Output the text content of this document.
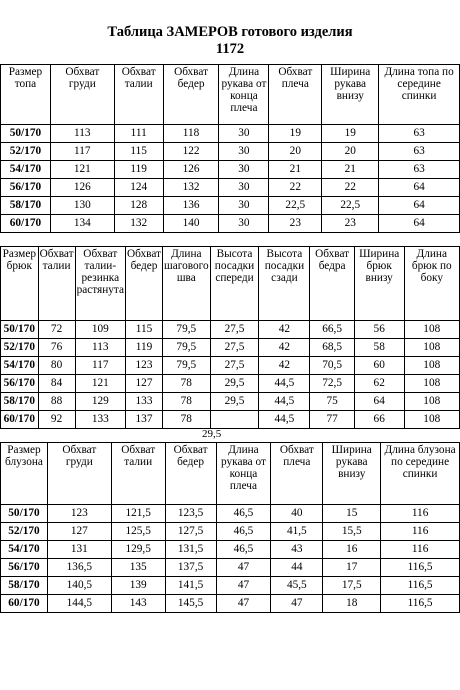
Таблица ЗАМЕРОВ готового изделия
1172
Размер топа	Обхват груди	Обхват талии	Обхват бедер	Длина рукава от конца плеча	Обхват плеча	Ширина рукава внизу	Длина топа по середине спинки
50/170	113	111	118	30	19	19	63
52/170	117	115	122	30	20	20	63
54/170	121	119	126	30	21	21	63
56/170	126	124	132	30	22	22	64
58/170	130	128	136	30	22,5	22,5	64
60/170	134	132	140	30	23	23	64
Размер брюк	Обхват талии	Обхват талии-резинка растянута	Обхват бедер	Длина шагового шва	Высота посадки спереди	Высота посадки сзади	Обхват бедра	Ширина брюк внизу	Длина брюк по боку
50/170	72	109	115	79,5	27,5	42	66,5	56	108
52/170	76	113	119	79,5	27,5	42	68,5	58	108
54/170	80	117	123	79,5	27,5	42	70,5	60	108
56/170	84	121	127	78	29,5	44,5	72,5	62	108
58/170	88	129	133	78	29,5	44,5	75	64	108
60/170	92	133	137	78		44,5	77	66	108
29,5
Размер блузона	Обхват груди	Обхват талии	Обхват бедер	Длина рукава от конца плеча	Обхват плеча	Ширина рукава внизу	Длина блузона по середине спинки
50/170	123	121,5	123,5	46,5	40	15	116
52/170	127	125,5	127,5	46,5	41,5	15,5	116
54/170	131	129,5	131,5	46,5	43	16	116
56/170	136,5	135	137,5	47	44	17	116,5
58/170	140,5	139	141,5	47	45,5	17,5	116,5
60/170	144,5	143	145,5	47	47	18	116,5
